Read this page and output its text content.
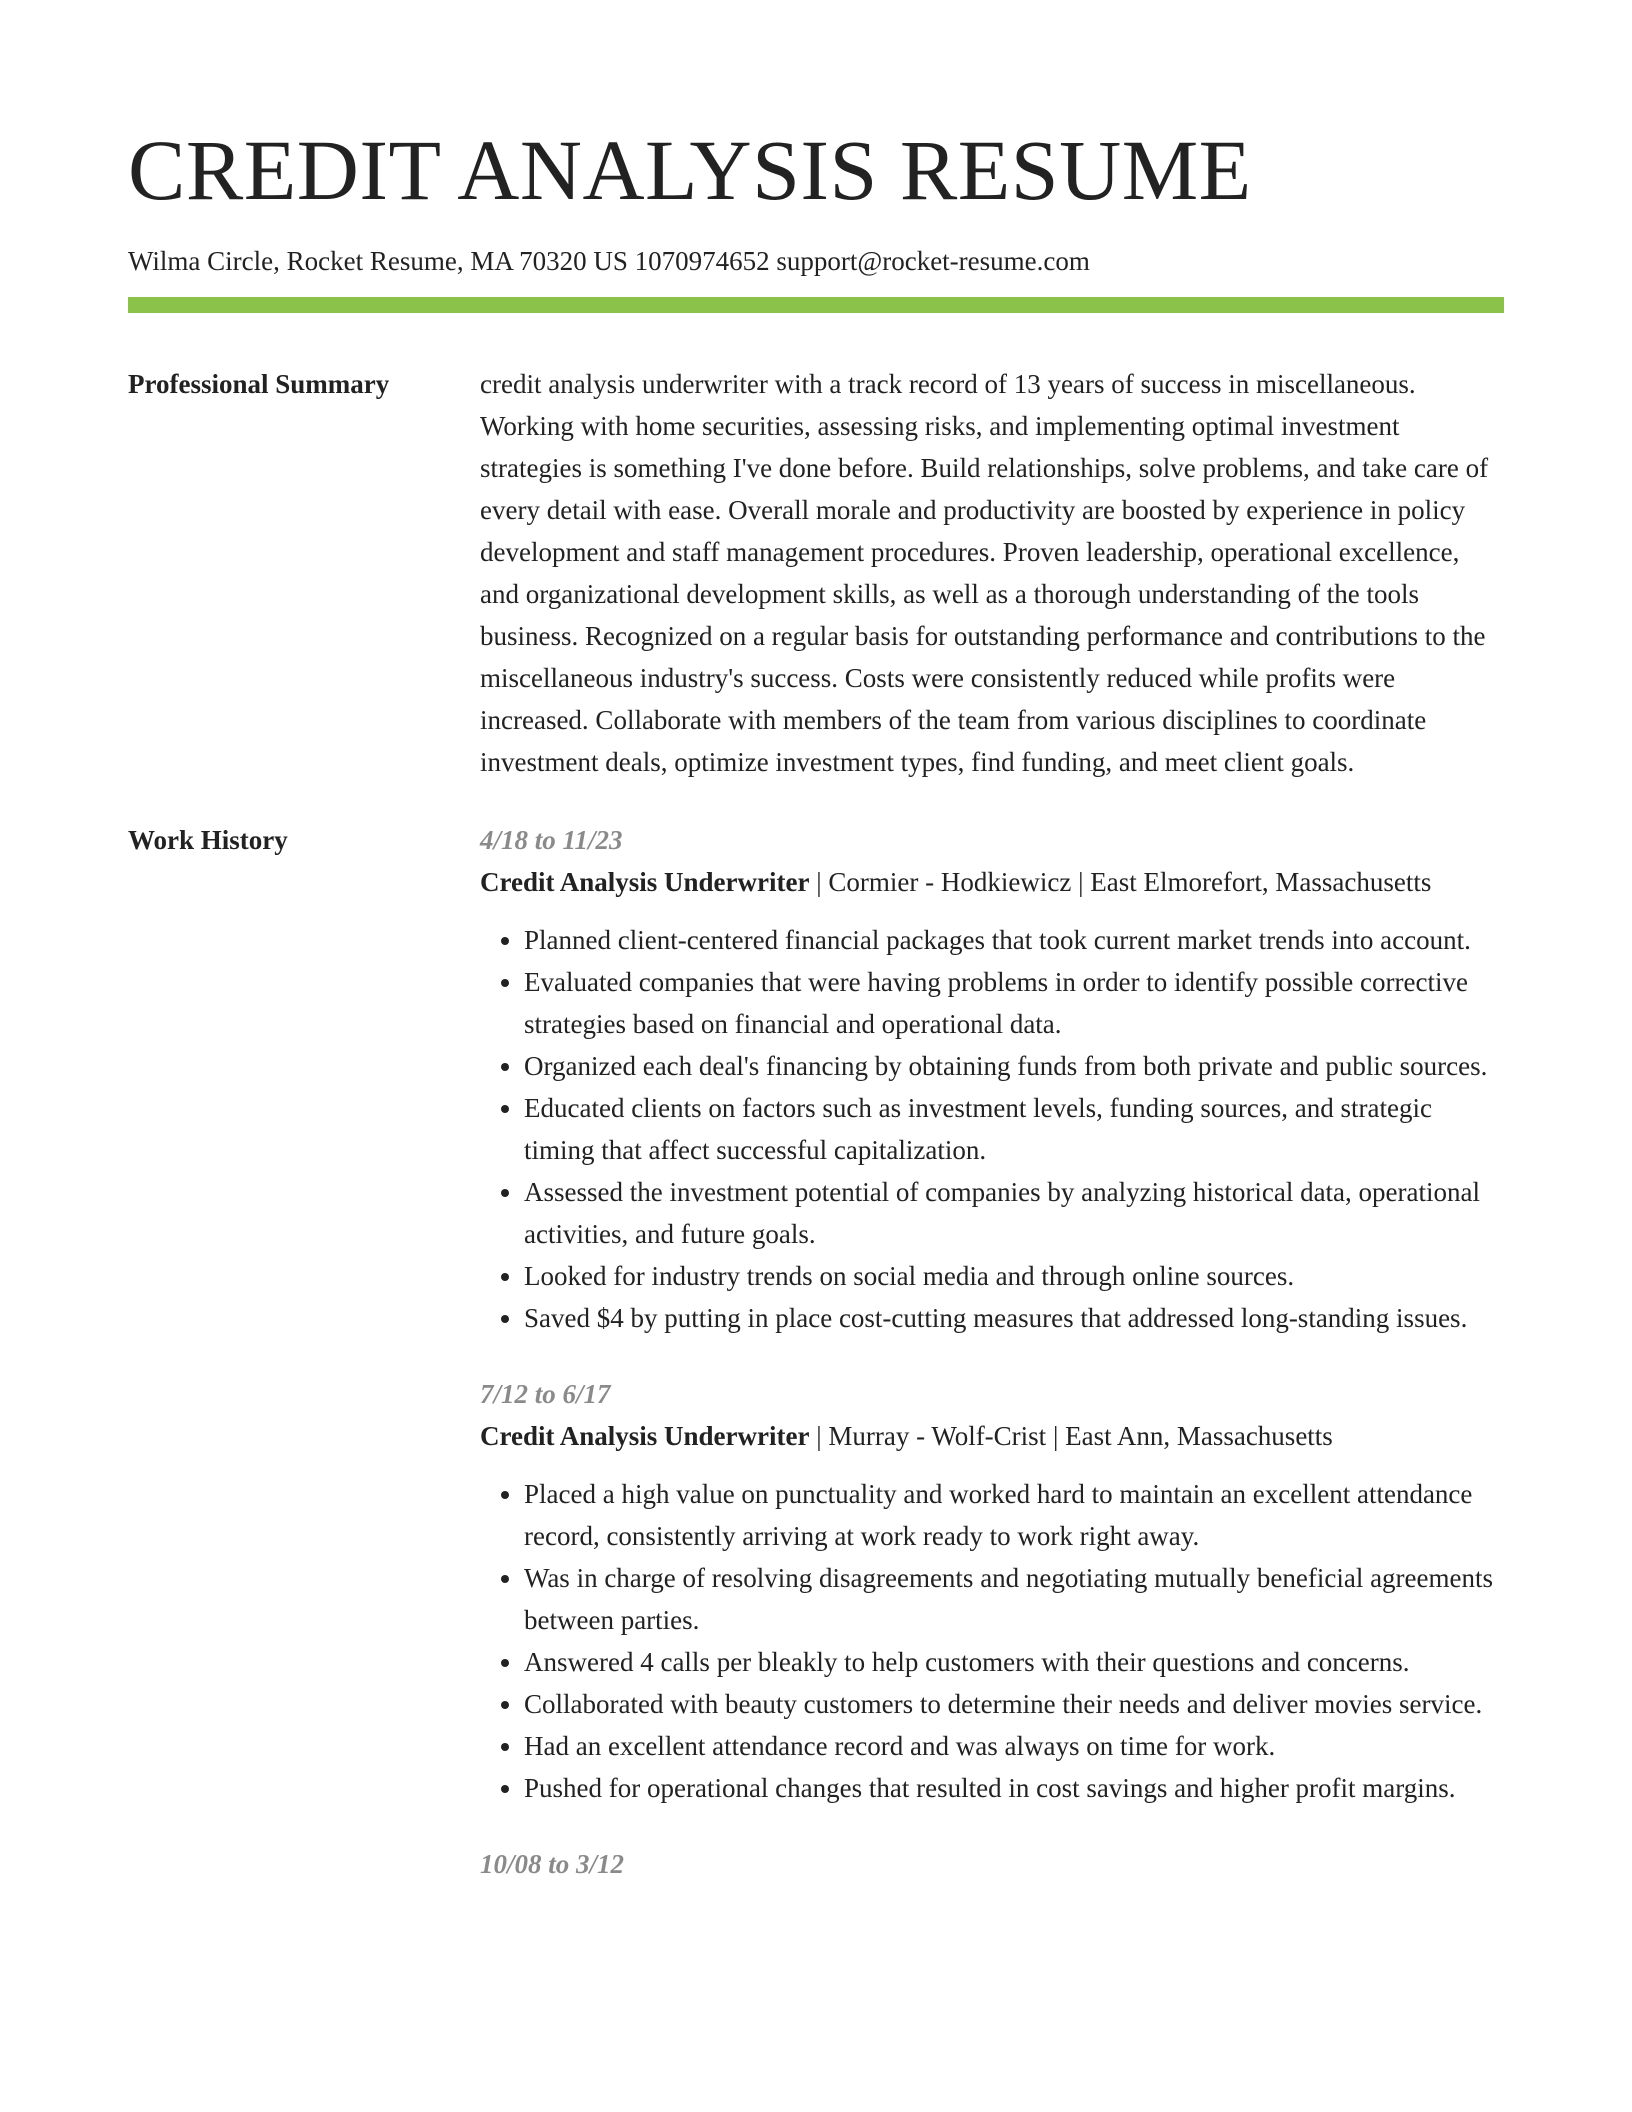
CREDIT ANALYSIS RESUME
Wilma Circle, Rocket Resume, MA 70320 US 1070974652 support@rocket-resume.com
Professional Summary	credit analysis underwriter with a track record of 13 years of success in miscellaneous. Working with home securities, assessing risks, and implementing optimal investment strategies is something I've done before. Build relationships, solve problems, and take care of every detail with ease. Overall morale and productivity are boosted by experience in policy development and staff management procedures. Proven leadership, operational excellence, and organizational development skills, as well as a thorough understanding of the tools business. Recognized on a regular basis for outstanding performance and contributions to the miscellaneous industry's success. Costs were consistently reduced while profits were increased. Collaborate with members of the team from various disciplines to coordinate investment deals, optimize investment types, find funding, and meet client goals.

Work History	4/18 to 11/23
Credit Analysis Underwriter | Cormier - Hodkiewicz | East Elmorefort, Massachusetts
• Planned client-centered financial packages that took current market trends into account.
• Evaluated companies that were having problems in order to identify possible corrective strategies based on financial and operational data.
• Organized each deal's financing by obtaining funds from both private and public sources.
• Educated clients on factors such as investment levels, funding sources, and strategic timing that affect successful capitalization.
• Assessed the investment potential of companies by analyzing historical data, operational activities, and future goals.
• Looked for industry trends on social media and through online sources.
• Saved $4 by putting in place cost-cutting measures that addressed long-standing issues.
7/12 to 6/17
Credit Analysis Underwriter | Murray - Wolf-Crist | East Ann, Massachusetts
• Placed a high value on punctuality and worked hard to maintain an excellent attendance record, consistently arriving at work ready to work right away.
• Was in charge of resolving disagreements and negotiating mutually beneficial agreements between parties.
• Answered 4 calls per bleakly to help customers with their questions and concerns.
• Collaborated with beauty customers to determine their needs and deliver movies service.
• Had an excellent attendance record and was always on time for work.
• Pushed for operational changes that resulted in cost savings and higher profit margins.
10/08 to 3/12
